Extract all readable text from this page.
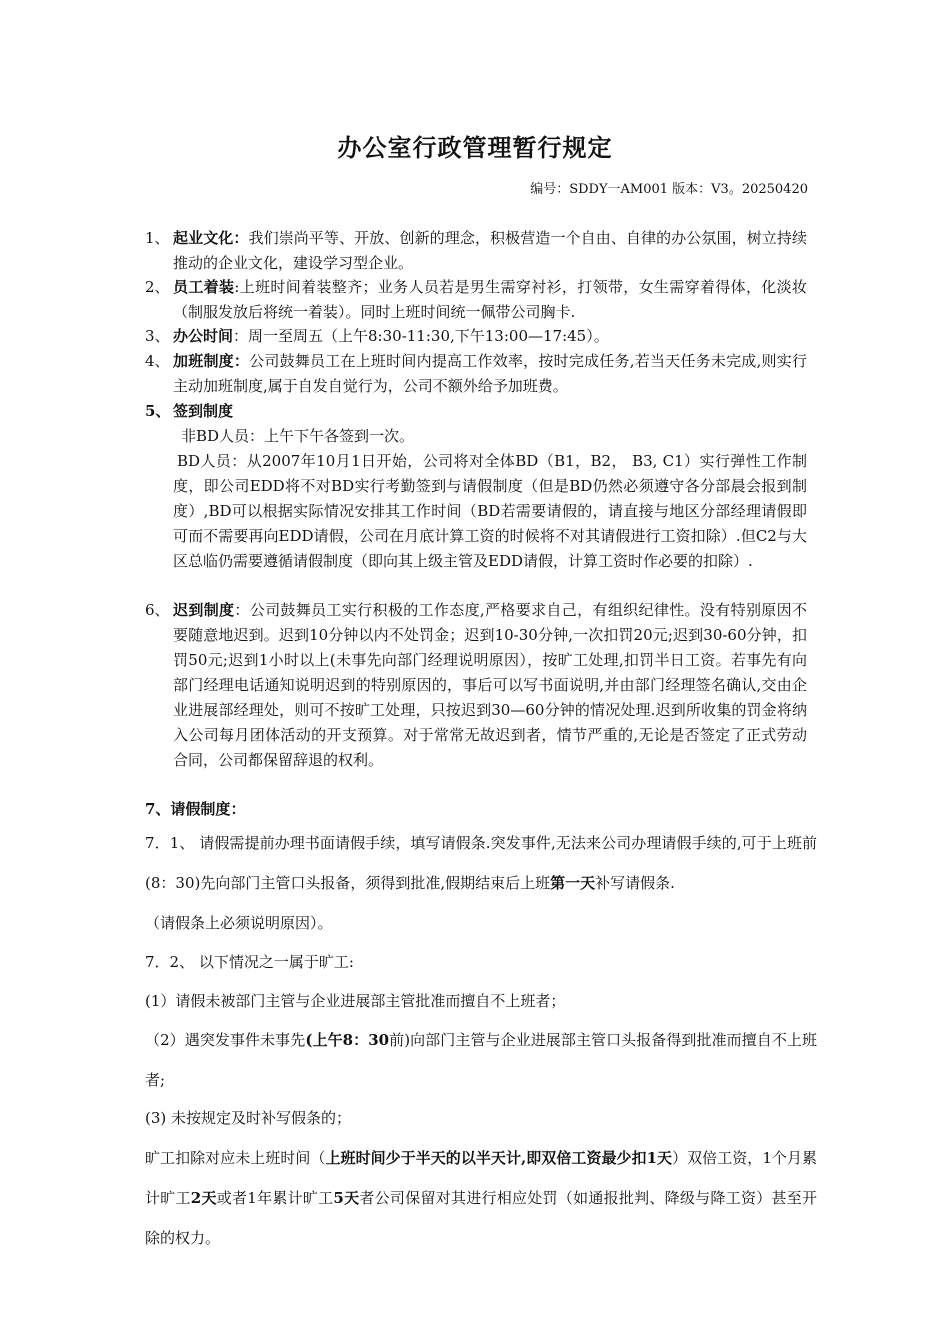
办公室行政管理暂行规定
编号：SDDY一AM001 版本：V3。20250420
1、 起业文化：我们崇尚平等、开放、创新的理念，积极营造一个自由、自律的办公氛围，树立持续推动的企业文化，建设学习型企业。
2、 员工着装:上班时间着装整齐；业务人员若是男生需穿衬衫，打领带，女生需穿着得体，化淡妆（制服发放后将统一着装）。同时上班时间统一佩带公司胸卡.
3、 办公时间：周一至周五（上午8:30-11:30,下午13:00—17:45）。
4、 加班制度：公司鼓舞员工在上班时间内提高工作效率，按时完成任务,若当天任务未完成,则实行主动加班制度,属于自发自觉行为，公司不额外给予加班费。
5、 签到制度
非BD人员：上午下午各签到一次。
BD人员：从2007年10月1日开始，公司将对全体BD（B1，B2， B3, C1）实行弹性工作制度，即公司EDD将不对BD实行考勤签到与请假制度（但是BD仍然必须遵守各分部晨会报到制度）,BD可以根据实际情况安排其工作时间（BD若需要请假的，请直接与地区分部经理请假即可而不需要再向EDD请假，公司在月底计算工资的时候将不对其请假进行工资扣除）.但C2与大区总临仍需要遵循请假制度（即向其上级主管及EDD请假，计算工资时作必要的扣除）.
6、 迟到制度：公司鼓舞员工实行积极的工作态度,严格要求自己，有组织纪律性。没有特别原因不要随意地迟到。迟到10分钟以内不处罚金；迟到10-30分钟,一次扣罚20元;迟到30-60分钟，扣罚50元;迟到1小时以上(未事先向部门经理说明原因），按旷工处理,扣罚半日工资。若事先有向部门经理电话通知说明迟到的特别原因的，事后可以写书面说明,并由部门经理签名确认,交由企业进展部经理处，则可不按旷工处理，只按迟到30—60分钟的情况处理.迟到所收集的罚金将纳入公司每月团体活动的开支预算。对于常常无故迟到者，情节严重的,无论是否签定了正式劳动合同，公司都保留辞退的权利。
7、请假制度：
7．1、 请假需提前办理书面请假手续，填写请假条.突发事件,无法来公司办理请假手续的,可于上班前(8：30)先向部门主管口头报备，须得到批准,假期结束后上班第一天补写请假条.
（请假条上必须说明原因）。
7．2、 以下情况之一属于旷工:
(1）请假未被部门主管与企业进展部主管批准而擅自不上班者；
（2）遇突发事件未事先(上午8：30前)向部门主管与企业进展部主管口头报备得到批准而擅自不上班者;
(3) 未按规定及时补写假条的；
旷工扣除对应未上班时间（上班时间少于半天的以半天计,即双倍工资最少扣1天）双倍工资，1个月累计旷工2天或者1年累计旷工5天者公司保留对其进行相应处罚（如通报批判、降级与降工资）甚至开除的权力。
